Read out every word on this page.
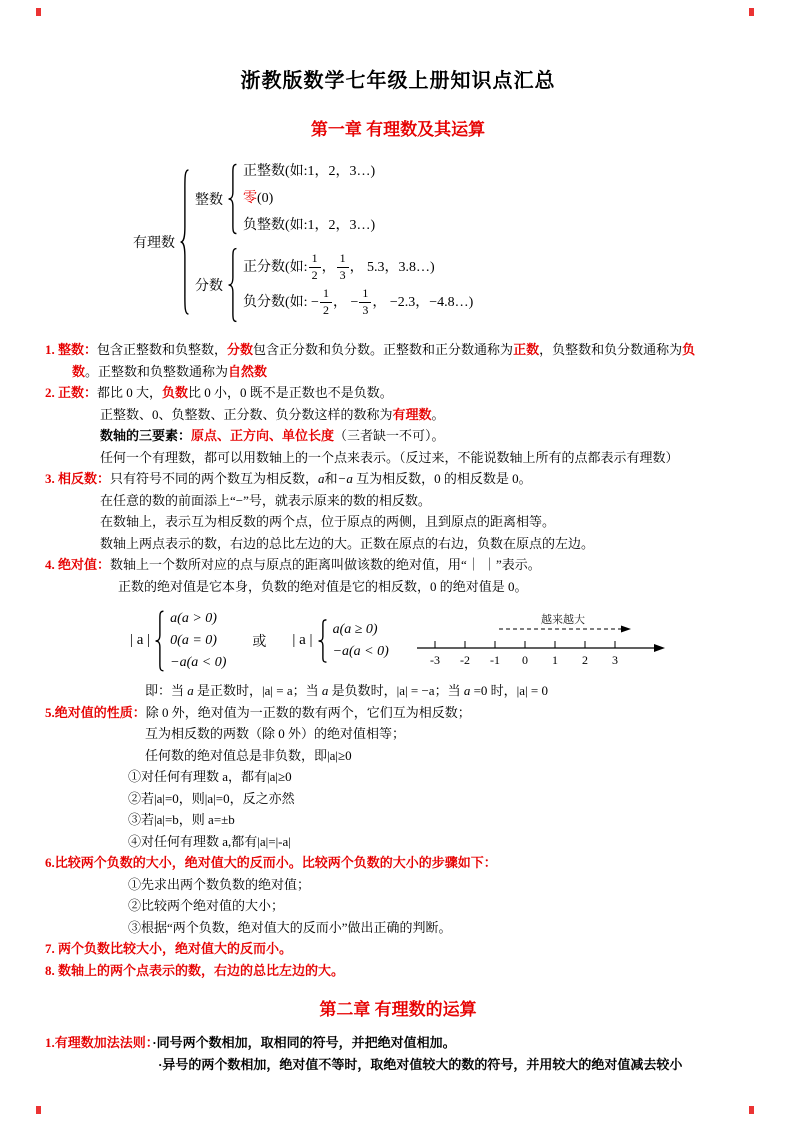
浙教版数学七年级上册知识点汇总
第一章 有理数及其运算
有理数
整数
正整数(如:1，2，3…)
零 (0)
负整数(如:1，2，3…)
分数
正分数(如: $\frac{1}{2}$ ， $\frac{1}{3}$ ， 5.3，3.8…)
负分数(如: − $\frac{1}{2}$ ， − $\frac{1}{3}$ ， −2.3，−4.8…)
1. 整数：包含正整数和负整数，分数包含正分数和负分数。正整数和正分数通称为正数，负整数和负分数通称为负
数。正整数和负整数通称为自然数
2. 正数：都比 0 大，负数比 0 小，0 既不是正数也不是负数。
正整数、0、负整数、正分数、负分数这样的数称为有理数。
数轴的三要素：原点、正方向、单位长度（三者缺一不可）。
任何一个有理数，都可以用数轴上的一个点来表示。（反过来，不能说数轴上所有的点都表示有理数）
3. 相反数：只有符号不同的两个数互为相反数，a和−a 互为相反数，0 的相反数是 0。
在任意的数的前面添上“−”号，就表示原来的数的相反数。
在数轴上，表示互为相反数的两个点，位于原点的两侧，且到原点的距离相等。
数轴上两点表示的数，右边的总比左边的大。正数在原点的右边，负数在原点的左边。
4. 绝对值：数轴上一个数所对应的点与原点的距离叫做该数的绝对值，用“｜ ｜”表示。
正数的绝对值是它本身，负数的绝对值是它的相反数，0 的绝对值是 0。
| a |
a(a > 0)
0(a = 0)
−a(a < 0)
或 | a |
a(a ≥ 0)
−a(a < 0)
越来越大
-3 -2 -1 0 1 2 3
即：当 a 是正数时，|a| = a；当 a 是负数时，|a| = −a；当 a =0 时，|a| = 0
5.绝对值的性质：除 0 外，绝对值为一正数的数有两个，它们互为相反数；
互为相反数的两数（除 0 外）的绝对值相等；
任何数的绝对值总是非负数，即|a|≥0
①对任何有理数 a，都有|a|≥0
②若|a|=0，则|a|=0，反之亦然
③若|a|=b，则 a=±b
④对任何有理数 a,都有|a|=|-a|
6.比较两个负数的大小，绝对值大的反而小。比较两个负数的大小的步骤如下：
①先求出两个数负数的绝对值；
②比较两个绝对值的大小；
③根据“两个负数，绝对值大的反而小”做出正确的判断。
7. 两个负数比较大小，绝对值大的反而小。
8. 数轴上的两个点表示的数，右边的总比左边的大。
第二章 有理数的运算
1.有理数加法法则：·同号两个数相加，取相同的符号，并把绝对值相加。
·异号的两个数相加，绝对值不等时，取绝对值较大的数的符号，并用较大的绝对值减去较小
